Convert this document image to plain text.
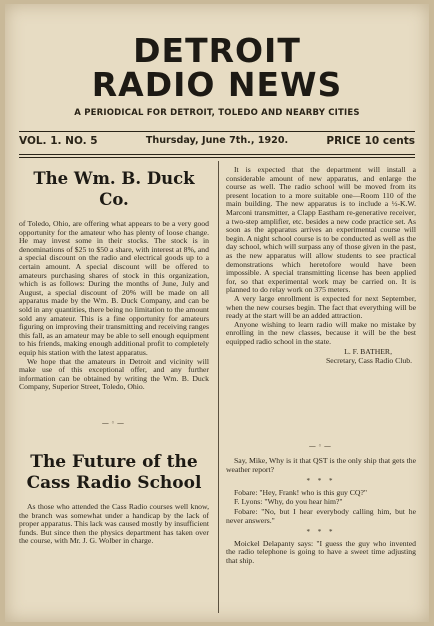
DETROIT
RADIO NEWS
A PERIODICAL FOR DETROIT, TOLEDO AND NEARBY CITIES
VOL. 1. NO. 5	Thursday, June 7th., 1920.	PRICE 10 cents
The Wm. B. Duck Co.

of Toledo, Ohio, are offering what appears to be a very good opportunity for the amateur who has plenty of loose change. He may invest some in their stocks. The stock is in denominations of $25 to $50 a share, with interest at 8%, and a special discount on the radio and electrical goods up to a certain amount. A special discount will be offered to amateurs purchasing shares of stock in this organization, which is as follows: During the months of June, July and August, a special discount of 20% will be made on all apparatus made by the Wm. B. Duck Company, and can be sold in any quantities, there being no limitation to the amount sold any amateur. This is a fine opportunity for amateurs figuring on improving their transmitting and receiving ranges this fall, as an amateur may be able to sell enough equipment to his friends, making enough additional profit to completely equip his station with the latest apparatus.

We hope that the amateurs in Detroit and vicinity will make use of this exceptional offer, and any further information can be obtained by writing the Wm. B. Duck Company, Superior Street, Toledo, Ohio.

—◦—
The Future of the
Cass Radio School

As those who attended the Cass Radio courses well know, the branch was somewhat under a handicap by the lack of proper apparatus. This lack was caused mostly by insufficient funds. But since then the physics department has taken over the course, with Mr. J. G. Wolber in charge.

It is expected that the department will install a considerable amount of new apparatus, and enlarge the course as well. The radio school will be moved from its present location to a more suitable one—Room 110 of the main building. The new apparatus is to include a ½-K.W. Marconi transmitter, a Clapp Eastham re-generative receiver, a two-step amplifier, etc. besides a new code practice set. As soon as the apparatus arrives an experimental course will begin. A night school course is to be conducted as well as the day school, which will surpass any of those given in the past, as the new apparatus will allow students to see practical demonstrations which heretofore would have been impossible. A special transmitting license has been applied for, so that experimental work may be carried on. It is planned to do relay work on 375 meters.

A very large enrollment is expected for next September, when the new courses begin. The fact that everything will be ready at the start will be an added attraction.

Anyone wishing to learn radio will make no mistake by enrolling in the new classes, because it will be the best equipped radio school in the state.

L. F. BATHER,
Secretary, Cass Radio Club.
—◦—

Say, Mike, Why is it that QST is the only ship that gets the weather report?

* * *

Fobare: "Hey, Frank! who is this guy CQ?"

F. Lyons: "Why, do you hear him?"

Fobare: "No, but I hear everybody calling him, but he never answers."

* * *

Moickel Delapanty says: "I guess the guy who invented the radio telephone is going to have a sweet time adjusting that ship.
